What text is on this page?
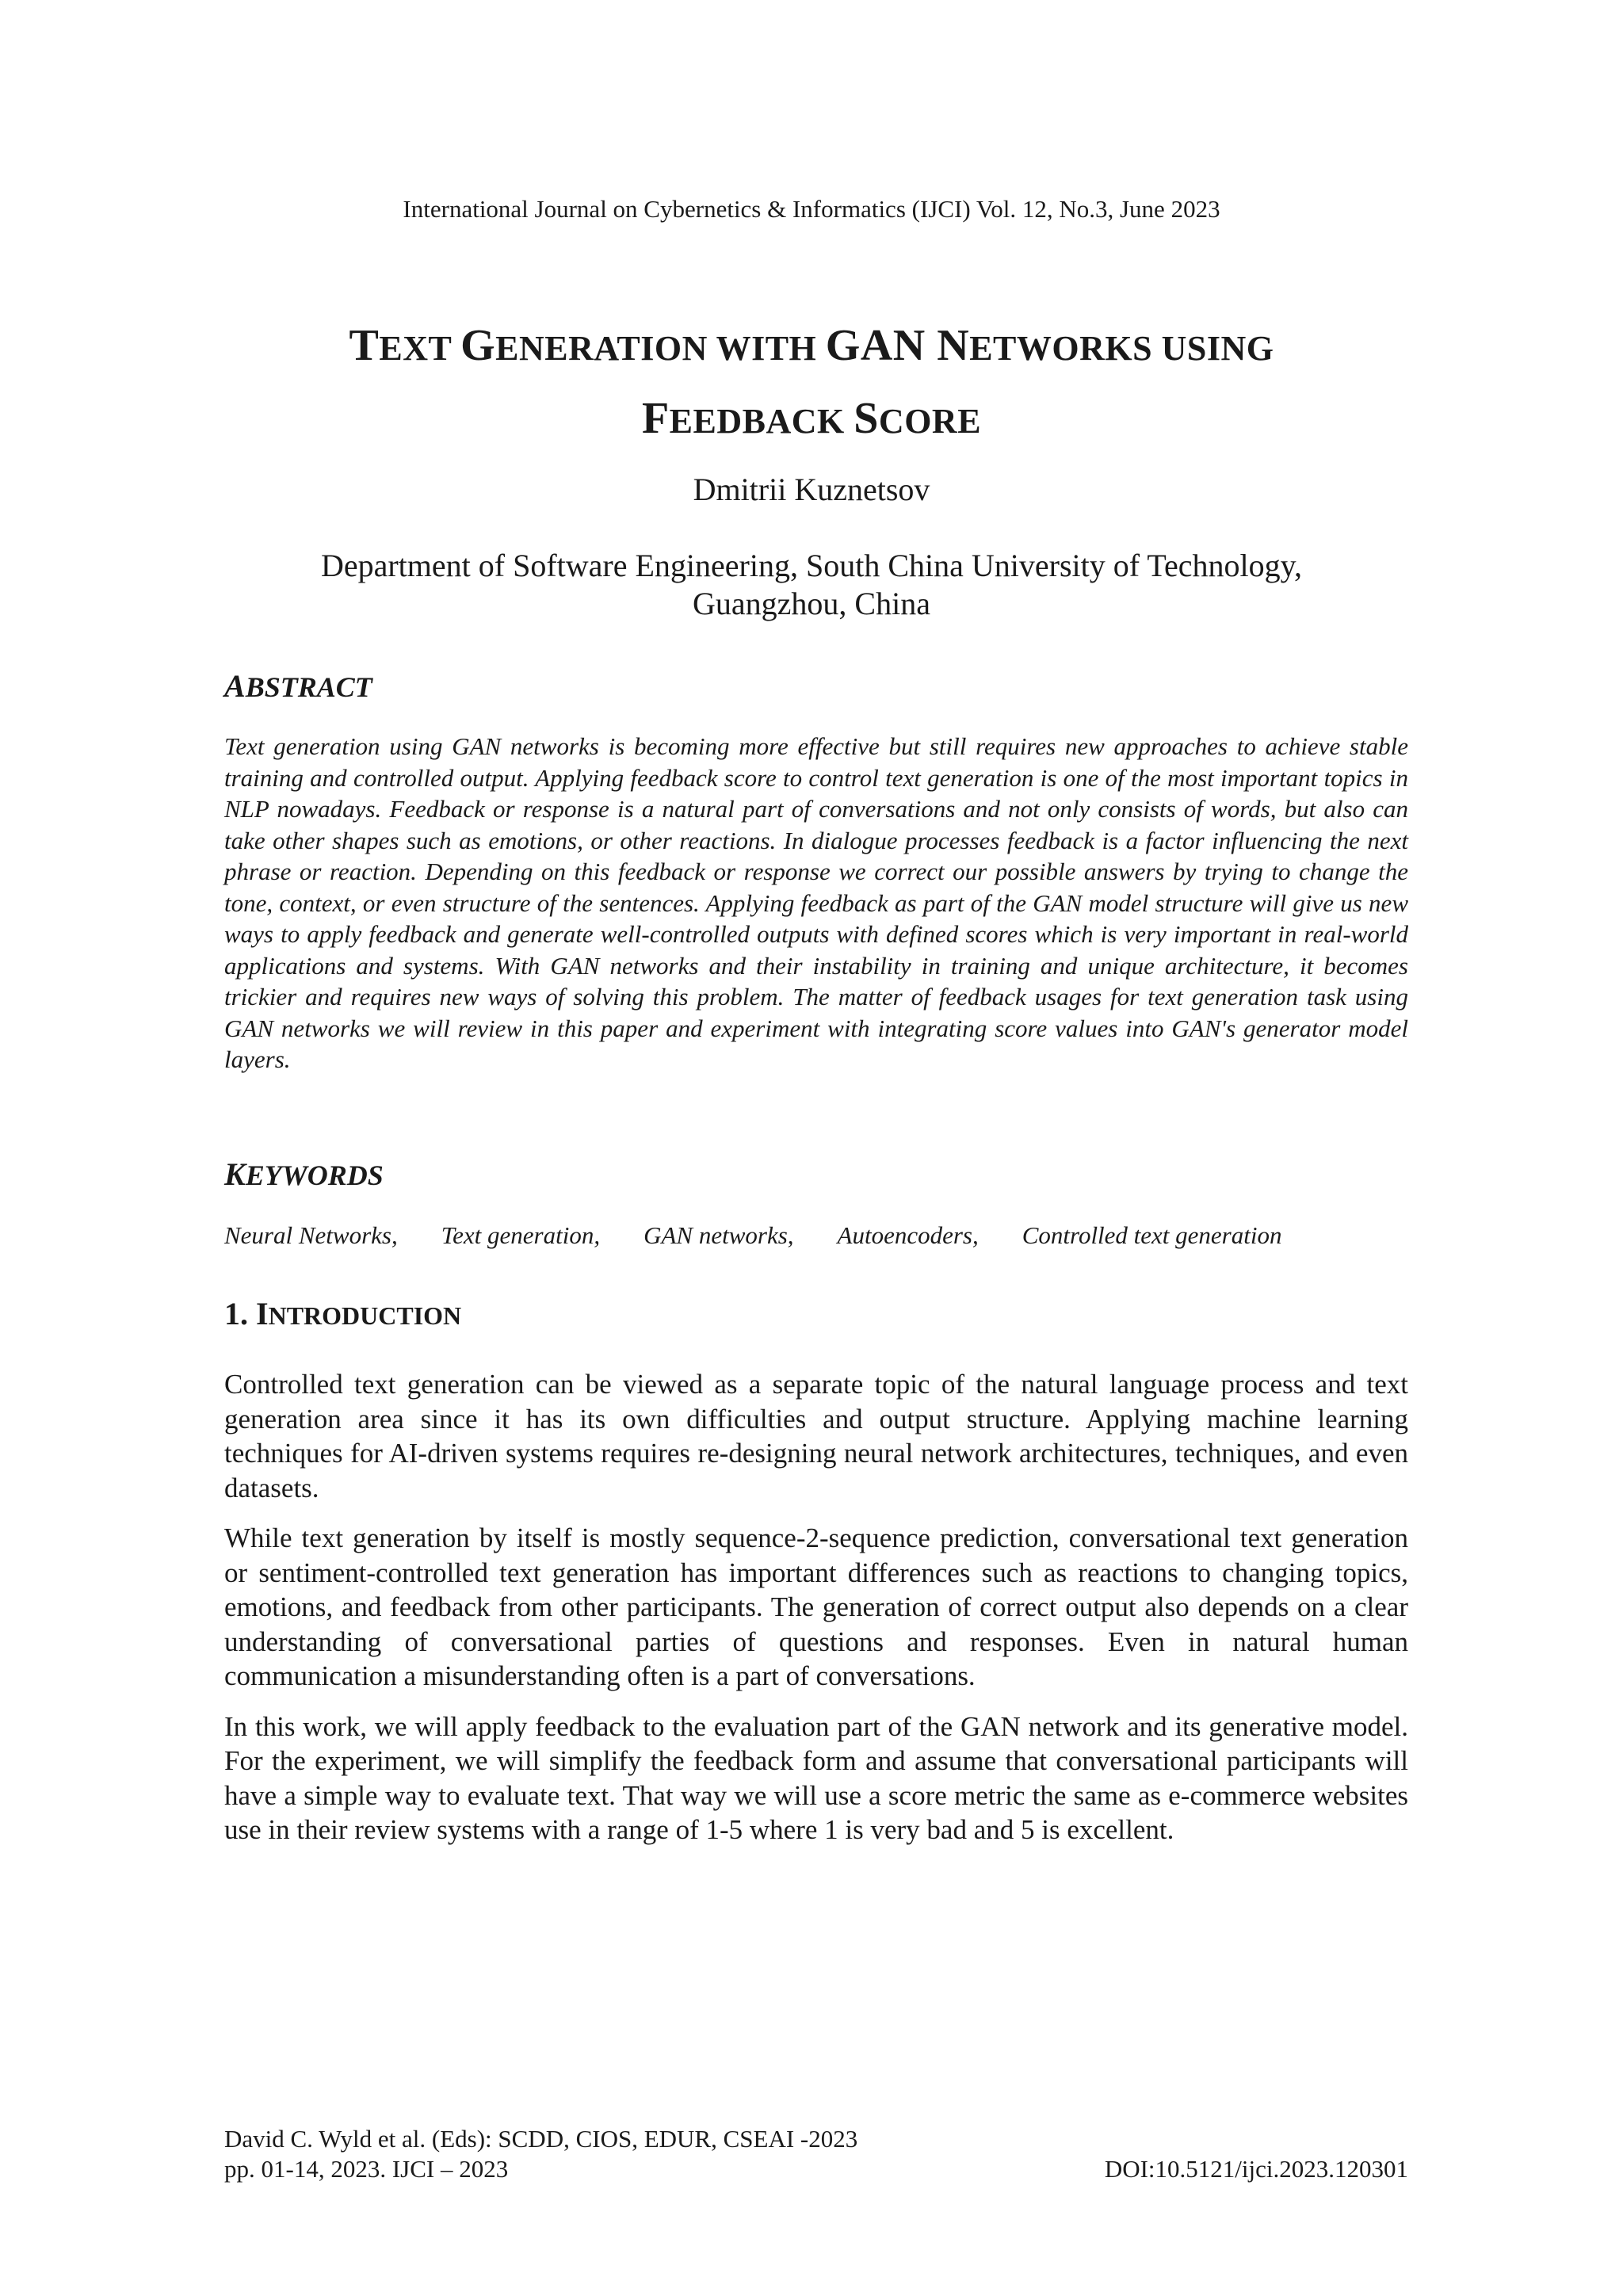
International Journal on Cybernetics & Informatics (IJCI) Vol. 12, No.3, June 2023
TEXT GENERATION WITH GAN NETWORKS USING
FEEDBACK SCORE
Dmitrii Kuznetsov
Department of Software Engineering, South China University of Technology,
Guangzhou, China
ABSTRACT
Text generation using GAN networks is becoming more effective but still requires new approaches to achieve stable training and controlled output. Applying feedback score to control text generation is one of the most important topics in NLP nowadays. Feedback or response is a natural part of conversations and not only consists of words, but also can take other shapes such as emotions, or other reactions. In dialogue processes feedback is a factor influencing the next phrase or reaction. Depending on this feedback or response we correct our possible answers by trying to change the tone, context, or even structure of the sentences. Applying feedback as part of the GAN model structure will give us new ways to apply feedback and generate well-controlled outputs with defined scores which is very important in real-world applications and systems. With GAN networks and their instability in training and unique architecture, it becomes trickier and requires new ways of solving this problem. The matter of feedback usages for text generation task using GAN networks we will review in this paper and experiment with integrating score values into GAN's generator model layers.
KEYWORDS
Neural Networks, Text generation, GAN networks, Autoencoders, Controlled text generation
1. INTRODUCTION

Controlled text generation can be viewed as a separate topic of the natural language process and text generation area since it has its own difficulties and output structure. Applying machine learning techniques for AI-driven systems requires re-designing neural network architectures, techniques, and even datasets.

While text generation by itself is mostly sequence-2-sequence prediction, conversational text generation or sentiment-controlled text generation has important differences such as reactions to changing topics, emotions, and feedback from other participants. The generation of correct output also depends on a clear understanding of conversational parties of questions and responses. Even in natural human communication a misunderstanding often is a part of conversations.

In this work, we will apply feedback to the evaluation part of the GAN network and its generative model. For the experiment, we will simplify the feedback form and assume that conversational participants will have a simple way to evaluate text. That way we will use a score metric the same as e-commerce websites use in their review systems with a range of 1-5 where 1 is very bad and 5 is excellent.

David C. Wyld et al. (Eds): SCDD, CIOS, EDUR, CSEAI -2023
pp. 01-14, 2023. IJCI – 2023	DOI:10.5121/ijci.2023.120301
